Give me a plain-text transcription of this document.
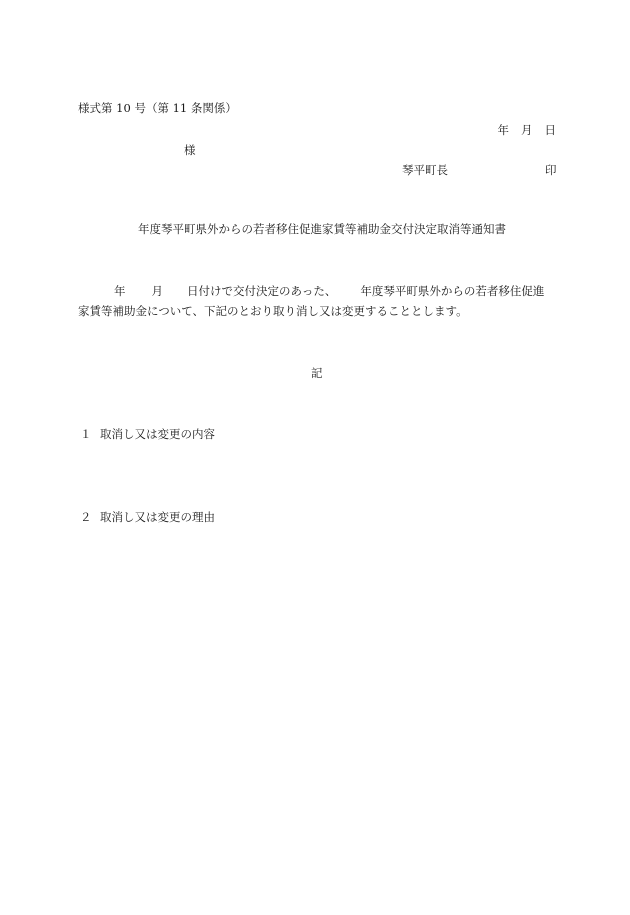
様式第 10 号（第 11 条関係）
年 月 日
様
琴平町長	印
年度琴平町県外からの若者移住促進家賃等補助金交付決定取消等通知書
年 月 日付けで交付決定のあった、 年度琴平町県外からの若者移住促進
家賃等補助金について、下記のとおり取り消し又は変更することとします。
記
１ 取消し又は変更の内容
２ 取消し又は変更の理由
